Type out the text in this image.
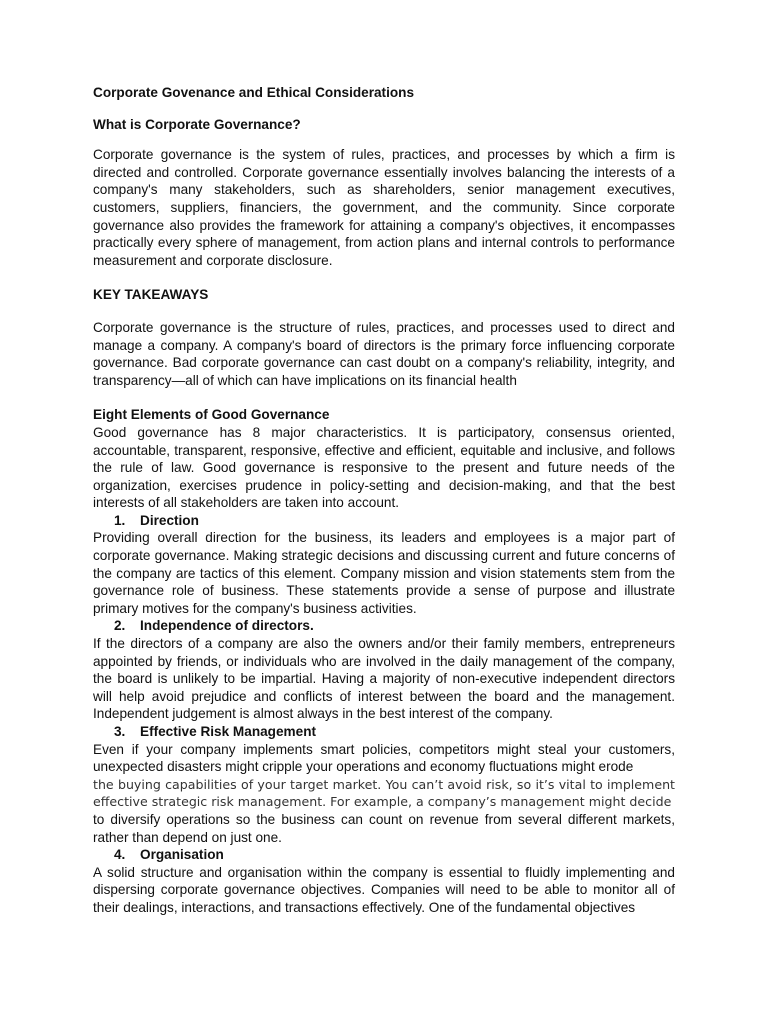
Corporate Govenance and Ethical Considerations

What is Corporate Governance?

Corporate governance is the system of rules, practices, and processes by which a firm is directed and controlled. Corporate governance essentially involves balancing the interests of a company's many stakeholders, such as shareholders, senior management executives, customers, suppliers, financiers, the government, and the community. Since corporate governance also provides the framework for attaining a company's objectives, it encompasses practically every sphere of management, from action plans and internal controls to performance measurement and corporate disclosure.

KEY TAKEAWAYS

Corporate governance is the structure of rules, practices, and processes used to direct and manage a company. A company's board of directors is the primary force influencing corporate governance. Bad corporate governance can cast doubt on a company's reliability, integrity, and transparency—all of which can have implications on its financial health

Eight Elements of Good Governance

Good governance has 8 major characteristics. It is participatory, consensus oriented, accountable, transparent, responsive, effective and efficient, equitable and inclusive, and follows the rule of law. Good governance is responsive to the present and future needs of the organization, exercises prudence in policy-setting and decision-making, and that the best interests of all stakeholders are taken into account.

1. Direction

Providing overall direction for the business, its leaders and employees is a major part of corporate governance. Making strategic decisions and discussing current and future concerns of the company are tactics of this element. Company mission and vision statements stem from the governance role of business. These statements provide a sense of purpose and illustrate primary motives for the company's business activities.

2. Independence of directors.

If the directors of a company are also the owners and/or their family members, entrepreneurs appointed by friends, or individuals who are involved in the daily management of the company, the board is unlikely to be impartial. Having a majority of non-executive independent directors will help avoid prejudice and conflicts of interest between the board and the management. Independent judgement is almost always in the best interest of the company.

3. Effective Risk Management

Even if your company implements smart policies, competitors might steal your customers, unexpected disasters might cripple your operations and economy fluctuations might erode

the buying capabilities of your target market. You can’t avoid risk, so it’s vital to implement effective strategic risk management. For example, a company’s management might decide

to diversify operations so the business can count on revenue from several different markets, rather than depend on just one.

4. Organisation

A solid structure and organisation within the company is essential to fluidly implementing and dispersing corporate governance objectives. Companies will need to be able to monitor all of their dealings, interactions, and transactions effectively. One of the fundamental objectives
